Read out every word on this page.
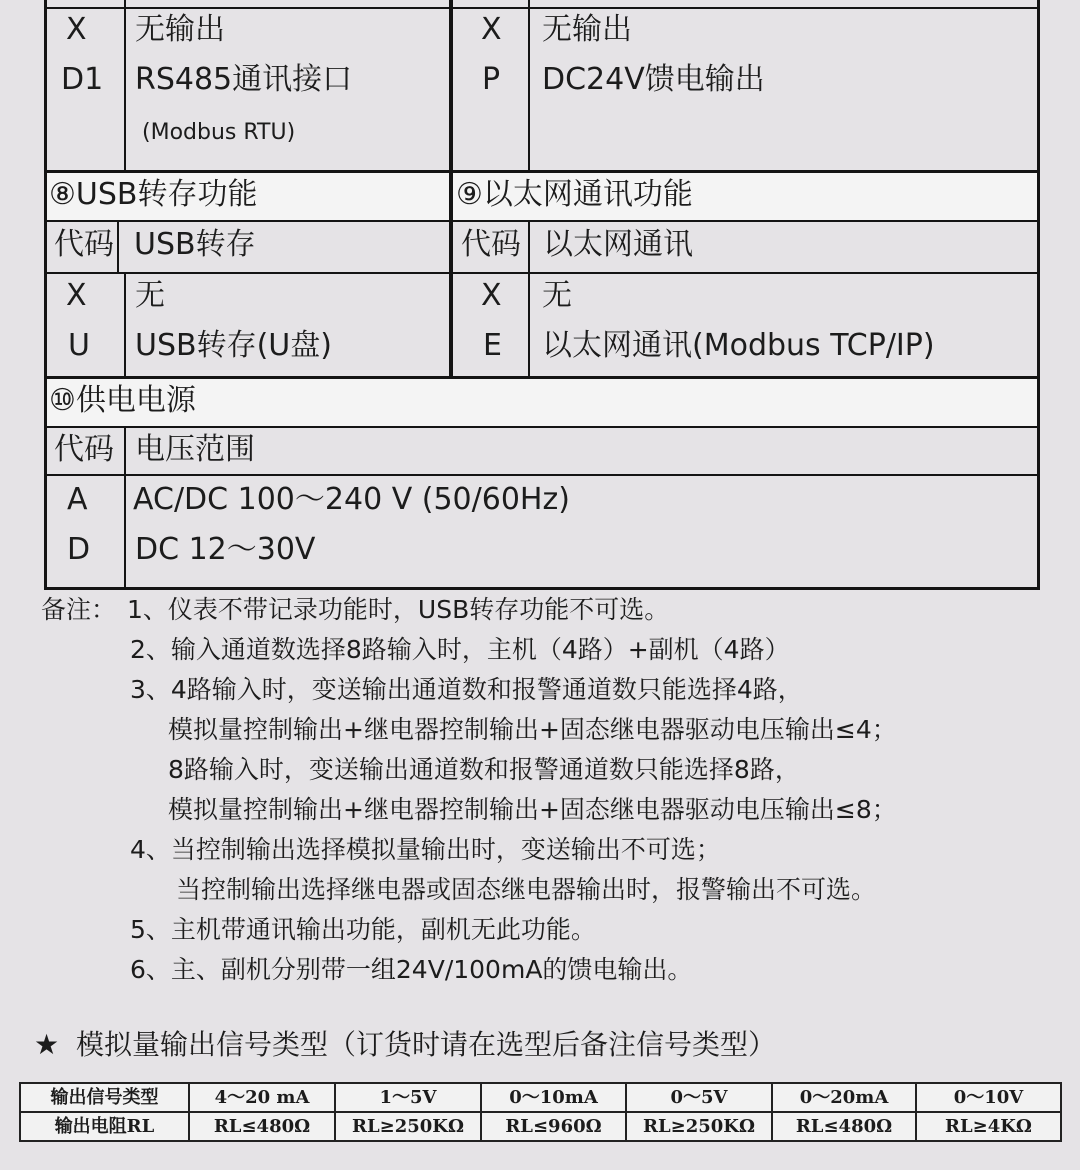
X 无输出
D1 RS485通讯接口
(Modbus RTU)
X 无输出
P DC24V馈电输出
⑧USB转存功能
代码 USB转存
X 无
U USB转存(U盘)
⑨以太网通讯功能
代码 以太网通讯
X 无
E 以太网通讯(Modbus TCP/IP)
⑩供电电源
代码 电压范围
A AC/DC 100～240 V (50/60Hz)
D DC 12～30V
备注： 1、仪表不带记录功能时，USB转存功能不可选。
2、输入通道数选择8路输入时，主机（4路）+副机（4路）
3、4路输入时，变送输出通道数和报警通道数只能选择4路，
模拟量控制输出+继电器控制输出+固态继电器驱动电压输出≤4；
8路输入时，变送输出通道数和报警通道数只能选择8路，
模拟量控制输出+继电器控制输出+固态继电器驱动电压输出≤8；
4、当控制输出选择模拟量输出时，变送输出不可选；
当控制输出选择继电器或固态继电器输出时，报警输出不可选。
5、主机带通讯输出功能，副机无此功能。
6、主、副机分别带一组24V/100mA的馈电输出。
★ 模拟量输出信号类型（订货时请在选型后备注信号类型）
输出信号类型	4～20 mA	1～5V	0～10mA	0～5V	0～20mA	0～10V
输出电阻RL	RL≤480Ω	RL≥250KΩ	RL≤960Ω	RL≥250KΩ	RL≤480Ω	RL≥4KΩ
